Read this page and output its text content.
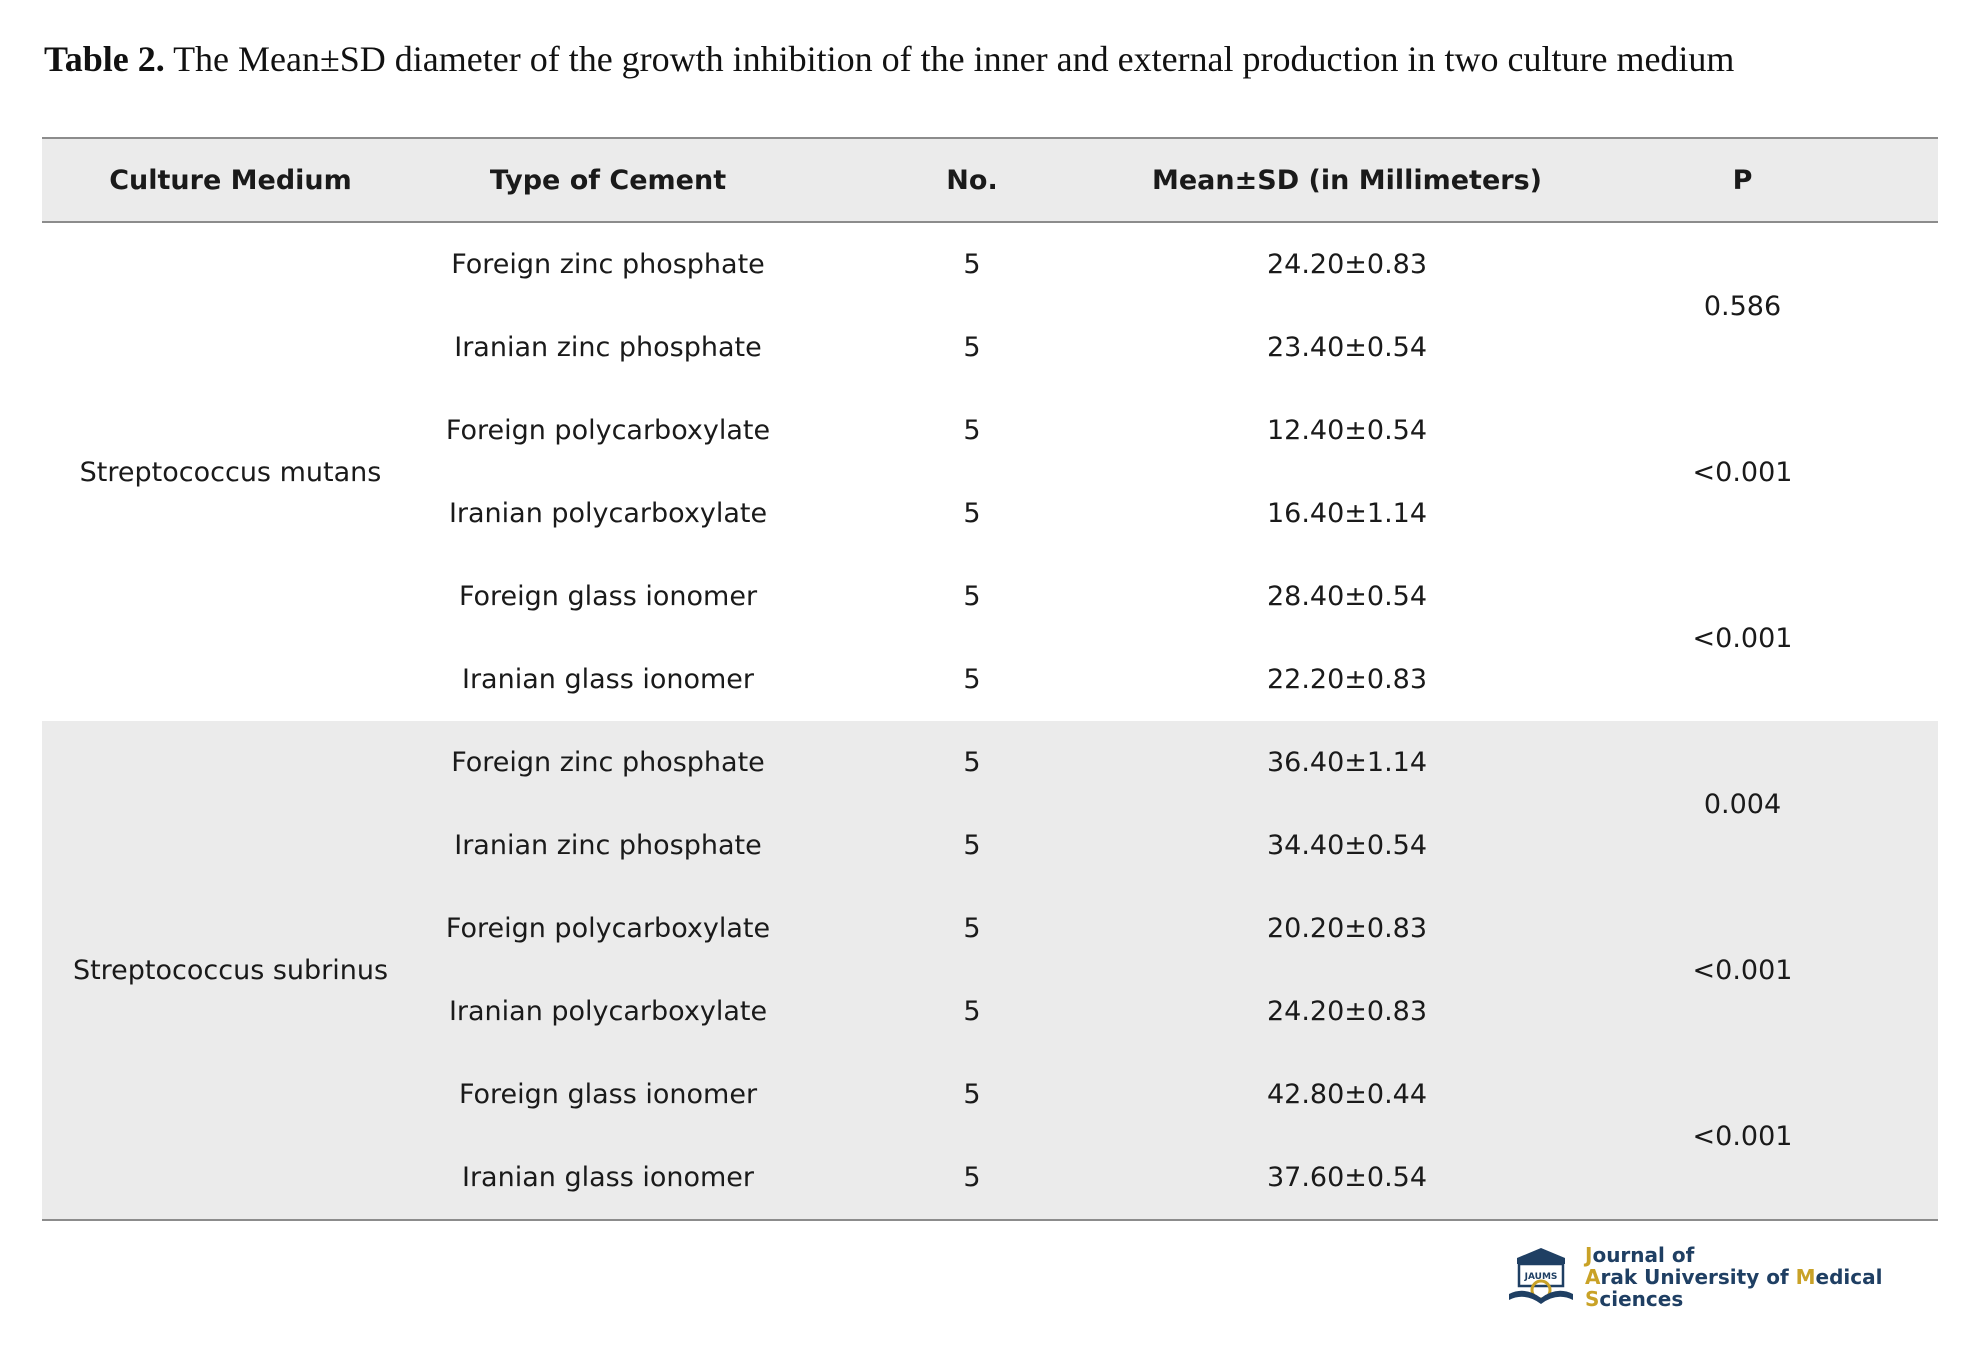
Table 2. The Mean±SD diameter of the growth inhibition of the inner and external production in two culture medium
Culture Medium	Type of Cement	No.	Mean±SD (in Millimeters)	P
Streptococcus mutans	Foreign zinc phosphate	5	24.20±0.83	0.586
	Iranian zinc phosphate	5	23.40±0.54	
	Foreign polycarboxylate	5	12.40±0.54	<0.001
	Iranian polycarboxylate	5	16.40±1.14	
	Foreign glass ionomer	5	28.40±0.54	<0.001
	Iranian glass ionomer	5	22.20±0.83	
Streptococcus subrinus	Foreign zinc phosphate	5	36.40±1.14	0.004
	Iranian zinc phosphate	5	34.40±0.54	
	Foreign polycarboxylate	5	20.20±0.83	<0.001
	Iranian polycarboxylate	5	24.20±0.83	
	Foreign glass ionomer	5	42.80±0.44	<0.001
	Iranian glass ionomer	5	37.60±0.54	
JAUMS
Journal of
Arak University of Medical Sciences
